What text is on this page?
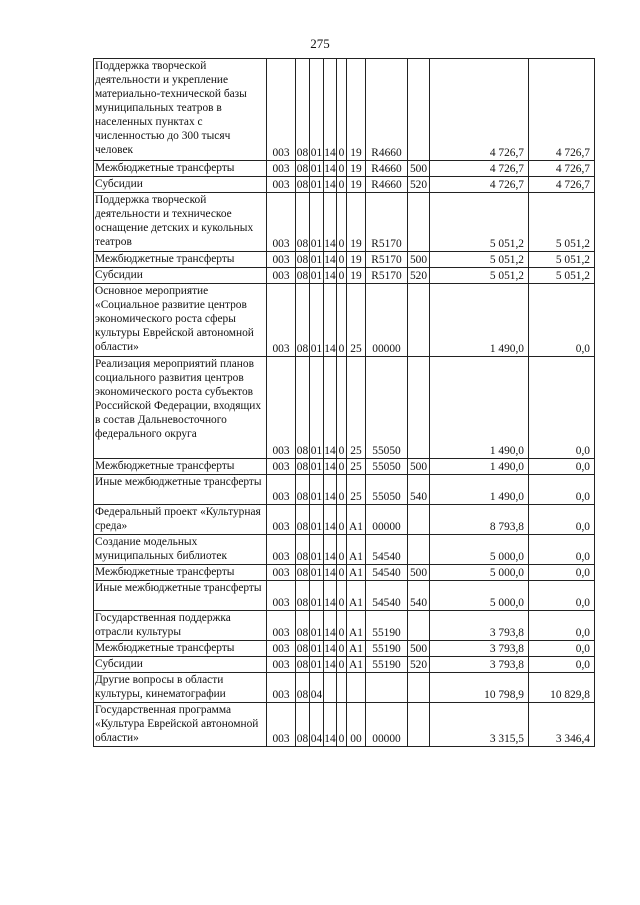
275
Поддержка творческой деятельности и укрепление материально-технической базы муниципальных театров в населенных пунктах с численностью до 300 тысяч человек	003	08	01	14	0	19	R4660		4 726,7	4 726,7
Межбюджетные трансферты	003	08	01	14	0	19	R4660	500	4 726,7	4 726,7
Субсидии	003	08	01	14	0	19	R4660	520	4 726,7	4 726,7
Поддержка творческой деятельности и техническое оснащение детских и кукольных театров	003	08	01	14	0	19	R5170		5 051,2	5 051,2
Межбюджетные трансферты	003	08	01	14	0	19	R5170	500	5 051,2	5 051,2
Субсидии	003	08	01	14	0	19	R5170	520	5 051,2	5 051,2
Основное мероприятие «Социальное развитие центров экономического роста сферы культуры Еврейской автономной области»	003	08	01	14	0	25	00000		1 490,0	0,0
Реализация мероприятий планов социального развития центров экономического роста субъектов Российской Федерации, входящих в состав Дальневосточного федерального округа	003	08	01	14	0	25	55050		1 490,0	0,0
Межбюджетные трансферты	003	08	01	14	0	25	55050	500	1 490,0	0,0
Иные межбюджетные трансферты	003	08	01	14	0	25	55050	540	1 490,0	0,0
Федеральный проект «Культурная среда»	003	08	01	14	0	A1	00000		8 793,8	0,0
Создание модельных муниципальных библиотек	003	08	01	14	0	A1	54540		5 000,0	0,0
Межбюджетные трансферты	003	08	01	14	0	A1	54540	500	5 000,0	0,0
Иные межбюджетные трансферты	003	08	01	14	0	A1	54540	540	5 000,0	0,0
Государственная поддержка отрасли культуры	003	08	01	14	0	A1	55190		3 793,8	0,0
Межбюджетные трансферты	003	08	01	14	0	A1	55190	500	3 793,8	0,0
Субсидии	003	08	01	14	0	A1	55190	520	3 793,8	0,0
Другие вопросы в области культуры, кинематографии	003	08	04						10 798,9	10 829,8
Государственная программа «Культура Еврейской автономной области»	003	08	04	14	0	00	00000		3 315,5	3 346,4
